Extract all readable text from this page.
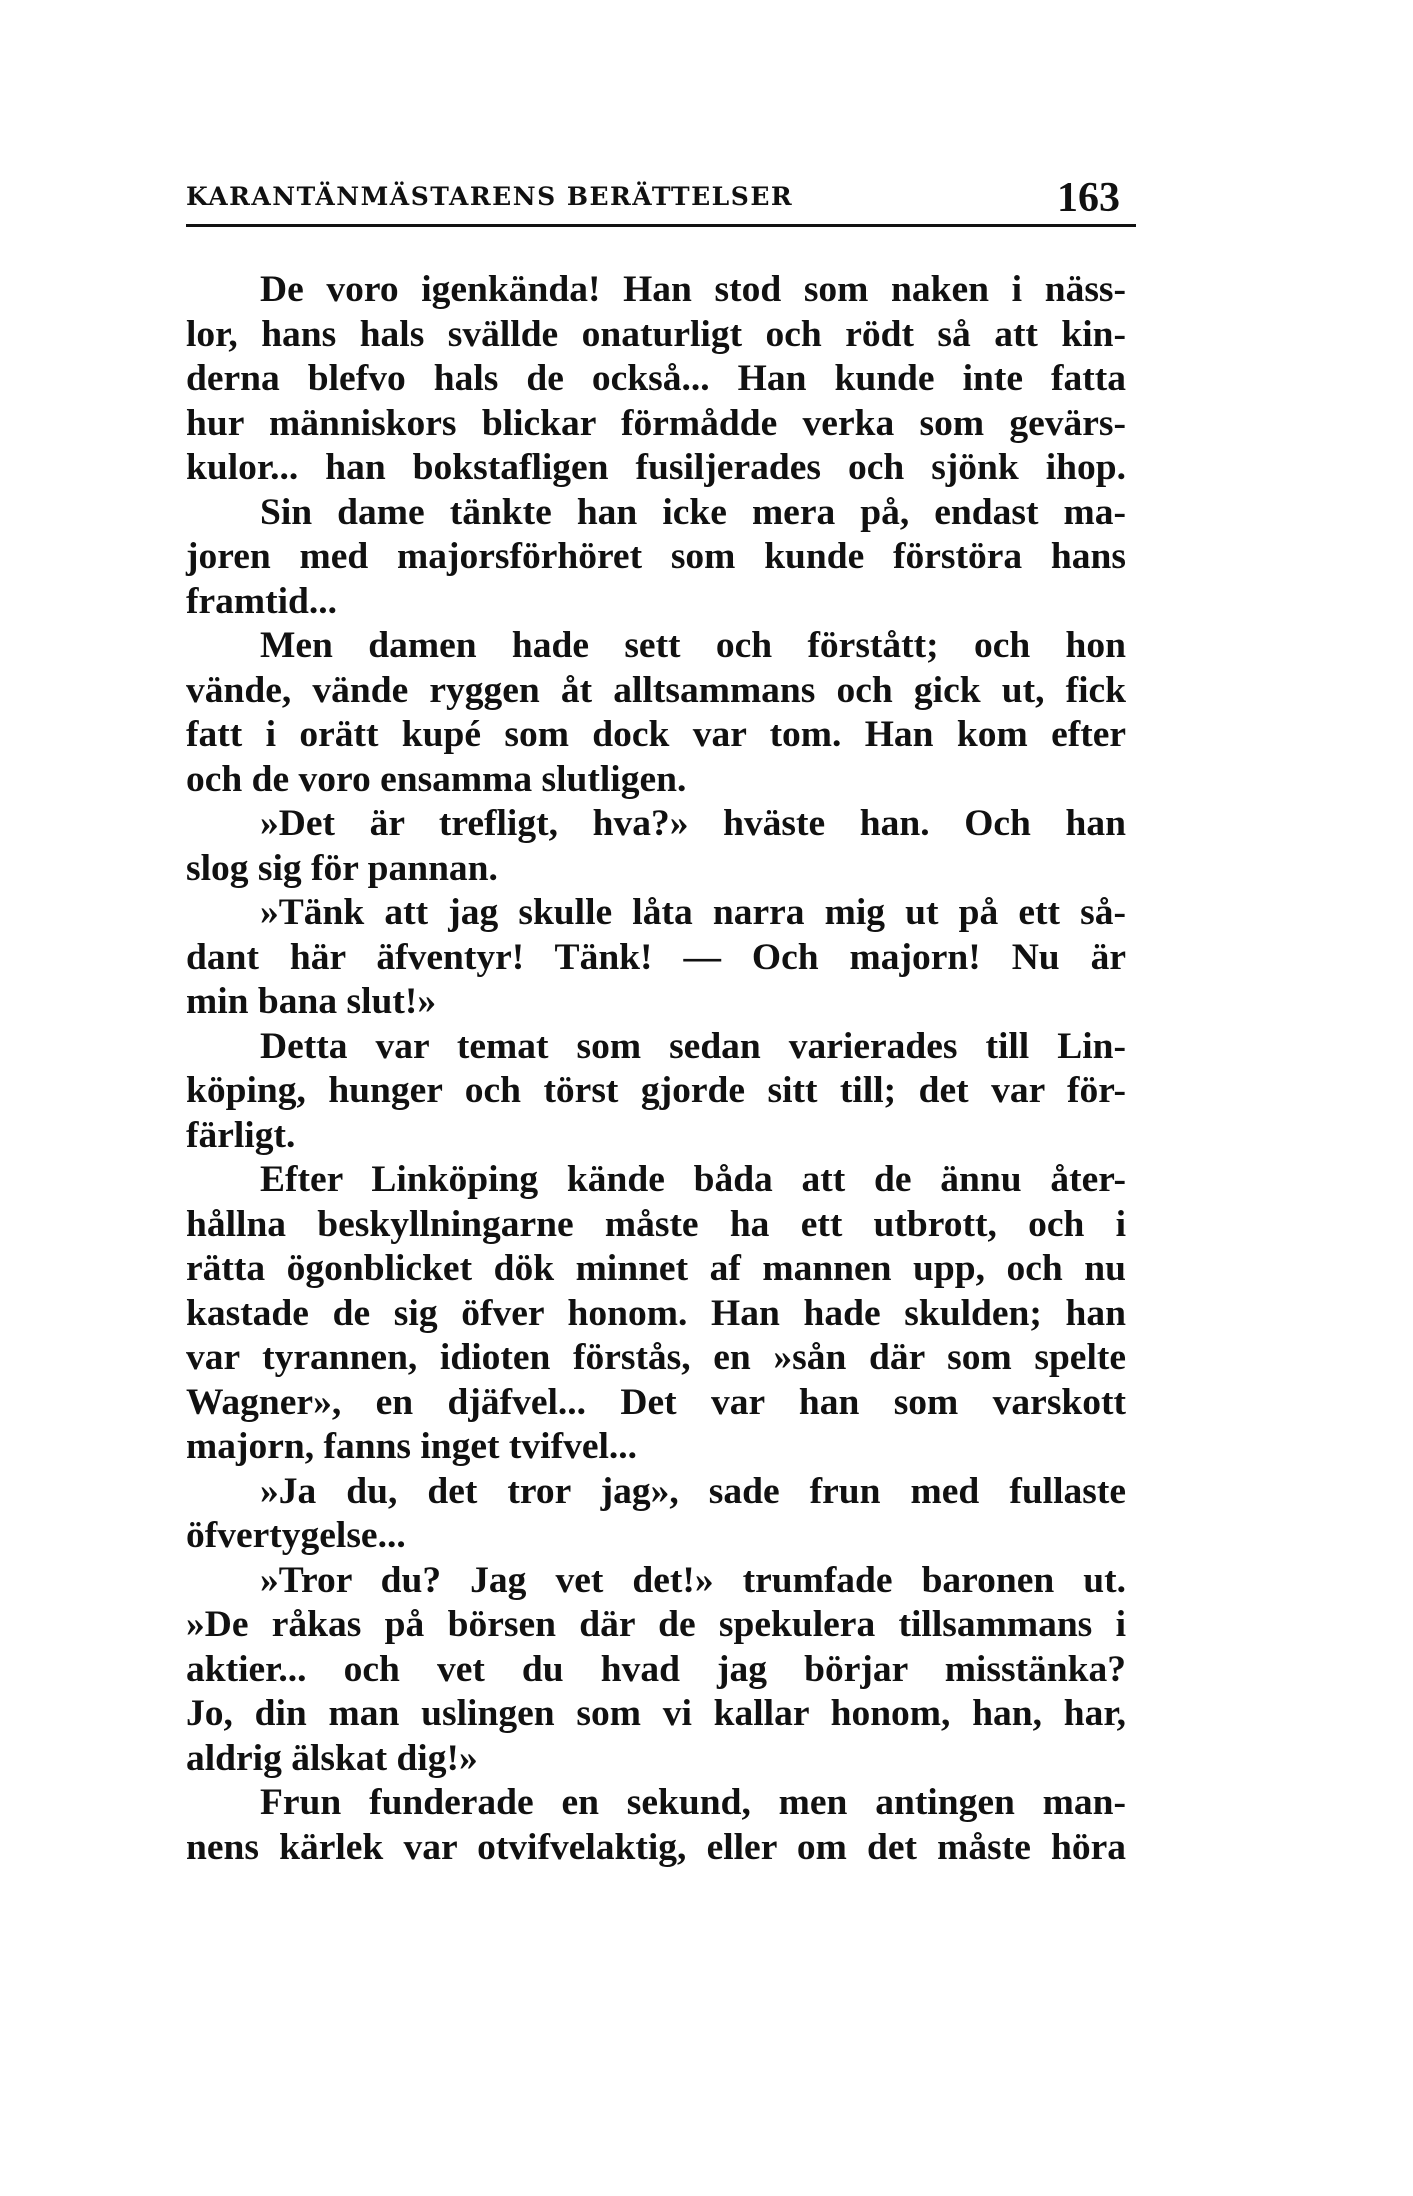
KARANTÄNMÄSTARENS BERÄTTELSER	163
De voro igenkända! Han stod som naken i näss-
lor, hans hals svällde onaturligt och rödt så att kin-
derna blefvo hals de också... Han kunde inte fatta
hur människors blickar förmådde verka som gevärs-
kulor... han bokstafligen fusiljerades och sjönk ihop.
Sin dame tänkte han icke mera på, endast ma-
joren med majorsförhöret som kunde förstöra hans
framtid...
Men damen hade sett och förstått; och hon
vände, vände ryggen åt alltsammans och gick ut, fick
fatt i orätt kupé som dock var tom. Han kom efter
och de voro ensamma slutligen.
»Det är trefligt, hva?» hväste han. Och han
slog sig för pannan.
»Tänk att jag skulle låta narra mig ut på ett så-
dant här äfventyr! Tänk! — Och majorn! Nu är
min bana slut!»
Detta var temat som sedan varierades till Lin-
köping, hunger och törst gjorde sitt till; det var för-
färligt.
Efter Linköping kände båda att de ännu åter-
hållna beskyllningarne måste ha ett utbrott, och i
rätta ögonblicket dök minnet af mannen upp, och nu
kastade de sig öfver honom. Han hade skulden; han
var tyrannen, idioten förstås, en »sån där som spelte
Wagner», en djäfvel... Det var han som varskott
majorn, fanns inget tvifvel...
»Ja du, det tror jag», sade frun med fullaste
öfvertygelse...
»Tror du? Jag vet det!» trumfade baronen ut.
»De råkas på börsen där de spekulera tillsammans i
aktier... och vet du hvad jag börjar misstänka?
Jo, din man uslingen som vi kallar honom, han, har,
aldrig älskat dig!»
Frun funderade en sekund, men antingen man-
nens kärlek var otvifvelaktig, eller om det måste höra
